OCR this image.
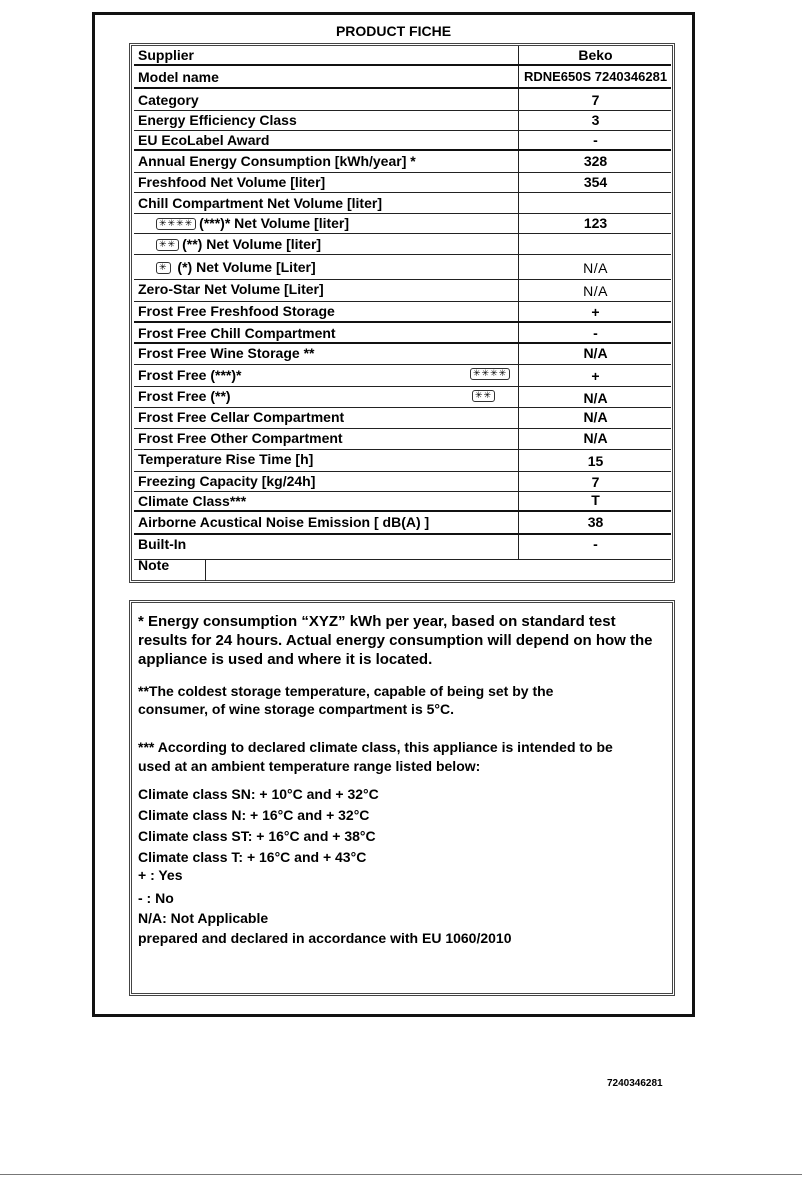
PRODUCT FICHE
Supplier	Beko
Model name	RDNE650S 7240346281
Category	7
Energy Efficiency Class	3
EU EcoLabel Award	-
Annual Energy Consumption [kWh/year] *	328
Freshfood Net Volume [liter]	354
Chill Compartment Net Volume [liter]
✳✳✳✳ (***)* Net Volume [liter]	123
✳✳ (**) Net Volume [liter]
✳ (*) Net Volume [Liter]	N/A
Zero-Star Net Volume [Liter]	N/A
Frost Free Freshfood Storage	+
Frost Free Chill Compartment	-
Frost Free Wine Storage **	N/A
Frost Free (***)*	✳✳✳✳	+
Frost Free (**)	✳✳	N/A
Frost Free Cellar Compartment	N/A
Frost Free Other Compartment	N/A
Temperature Rise Time [h]	15
Freezing Capacity [kg/24h]	7
Climate Class***	T
Airborne Acustical Noise Emission [ dB(A) ]	38
Built-In	-
Note
* Energy consumption “XYZ” kWh per year, based on standard test results for 24 hours. Actual energy consumption will depend on how the appliance is used and where it is located.
**The coldest storage temperature, capable of being set by the
consumer, of wine storage compartment is 5°C.
*** According to declared climate class, this appliance is intended to be
used at an ambient temperature range listed below:
Climate class SN: + 10°C and + 32°C
Climate class N: + 16°C and + 32°C
Climate class ST: + 16°C and + 38°C
Climate class T: + 16°C and + 43°C
+ : Yes
- : No
N/A: Not Applicable
prepared and declared in accordance with EU 1060/2010
7240346281
